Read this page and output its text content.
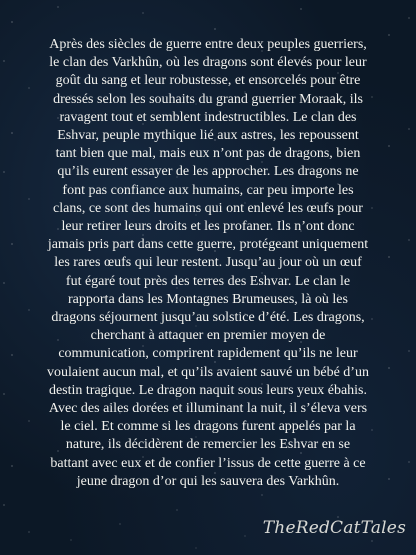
Après des siècles de guerre entre deux peuples guerriers,
le clan des Varkhûn, où les dragons sont élevés pour leur
goût du sang et leur robustesse, et ensorcelés pour être
dressés selon les souhaits du grand guerrier Moraak, ils
ravagent tout et semblent indestructibles. Le clan des
Eshvar, peuple mythique lié aux astres, les repoussent
tant bien que mal, mais eux n’ont pas de dragons, bien
qu’ils eurent essayer de les approcher. Les dragons ne
font pas confiance aux humains, car peu importe les
clans, ce sont des humains qui ont enlevé les œufs pour
leur retirer leurs droits et les profaner. Ils n’ont donc
jamais pris part dans cette guerre, protégeant uniquement
les rares œufs qui leur restent. Jusqu’au jour où un œuf
fut égaré tout près des terres des Eshvar. Le clan le
rapporta dans les Montagnes Brumeuses, là où les
dragons séjournent jusqu’au solstice d’été. Les dragons,
cherchant à attaquer en premier moyen de
communication, comprirent rapidement qu’ils ne leur
voulaient aucun mal, et qu’ils avaient sauvé un bébé d’un
destin tragique. Le dragon naquit sous leurs yeux ébahis.
Avec des ailes dorées et illuminant la nuit, il s’éleva vers
le ciel. Et comme si les dragons furent appelés par la
nature, ils décidèrent de remercier les Eshvar en se
battant avec eux et de confier l’issus de cette guerre à ce
jeune dragon d’or qui les sauvera des Varkhûn.

TheRedCatTales
